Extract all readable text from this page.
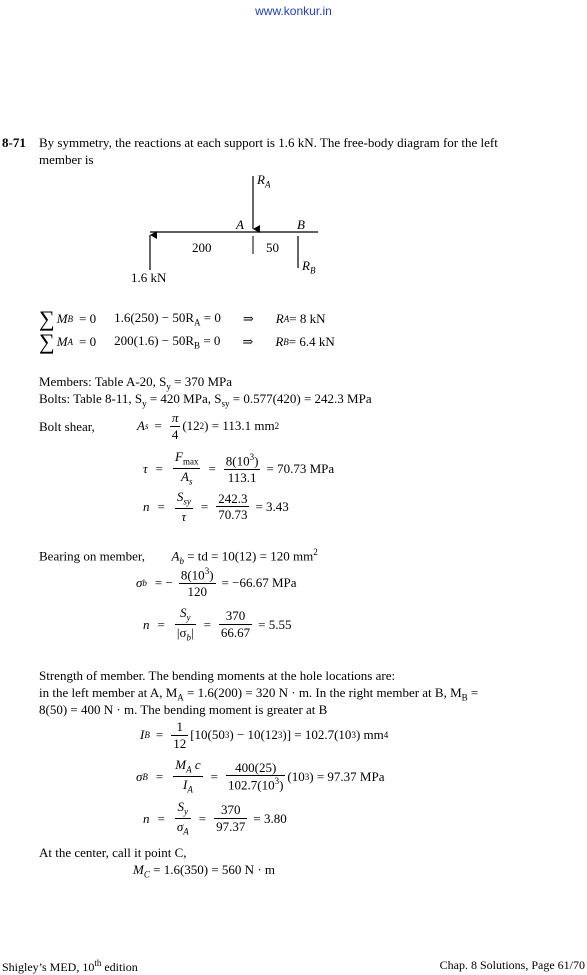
www.konkur.in
8-71 By symmetry, the reactions at each support is 1.6 kN. The free-body diagram for the left
member is
$R_A$
A	B
200	50
$R_B$
1.6 kN
∑ M B = 0 $1.6(250) - 50R_A = 0$ ⇒ R A = 8 kN
∑ M A = 0 $200(1.6) - 50R_B = 0$ ⇒ R B = 6.4 kN
Members: Table A-20, $S_y = 370$ MPa
Bolts: Table 8-11, $S_y = 420$ MPa, $S_{sy} = 0.577(420) = 242.3$ MPa
Bolt shear,	A $s = \frac{\pi}{4} (12$ 2 ) = 113.1 mm 2
$\tau = \frac{F_{max}}{A_s} = \frac{8(10^3)}{113.1} = 70.73$ MPa
$n = \frac{S_{sy}}{\tau} = \frac{242.3}{70.73} = 3.43$
Bearing on member, $A_b$ = td = 10(12) = 120 $mm^2$
σ b = − $\frac{8(10^3)}{120} = -66.67$ MPa
$n = \frac{S_y}{|\sigma_b|} = \frac{370}{66.67} = 5.55$
Strength of member. The bending moments at the hole locations are:
in the left member at A, $M_A = 1.6(200) = 320$ N · m. In the right member at B, $M_B$ =
8(50) = 400 N · m. The bending moment is greater at B
I $B = \frac{1}{12} [10(50$ 3 ) − 10(12 3 )] = 102.7(10 3 ) mm 4
σ $B = \frac{M_A c}{I_A} = \frac{400(25)}{102.7(10^3)} (10$ 3 ) = 97.37 MPa
$n = \frac{S_y}{\sigma_A} = \frac{370}{97.37} = 3.80$
At the center, call it point C,
$M_C = 1.6(350) = 560$ N · m
Shigley’s MED, 10th edition	Chap. 8 Solutions, Page 61/70
